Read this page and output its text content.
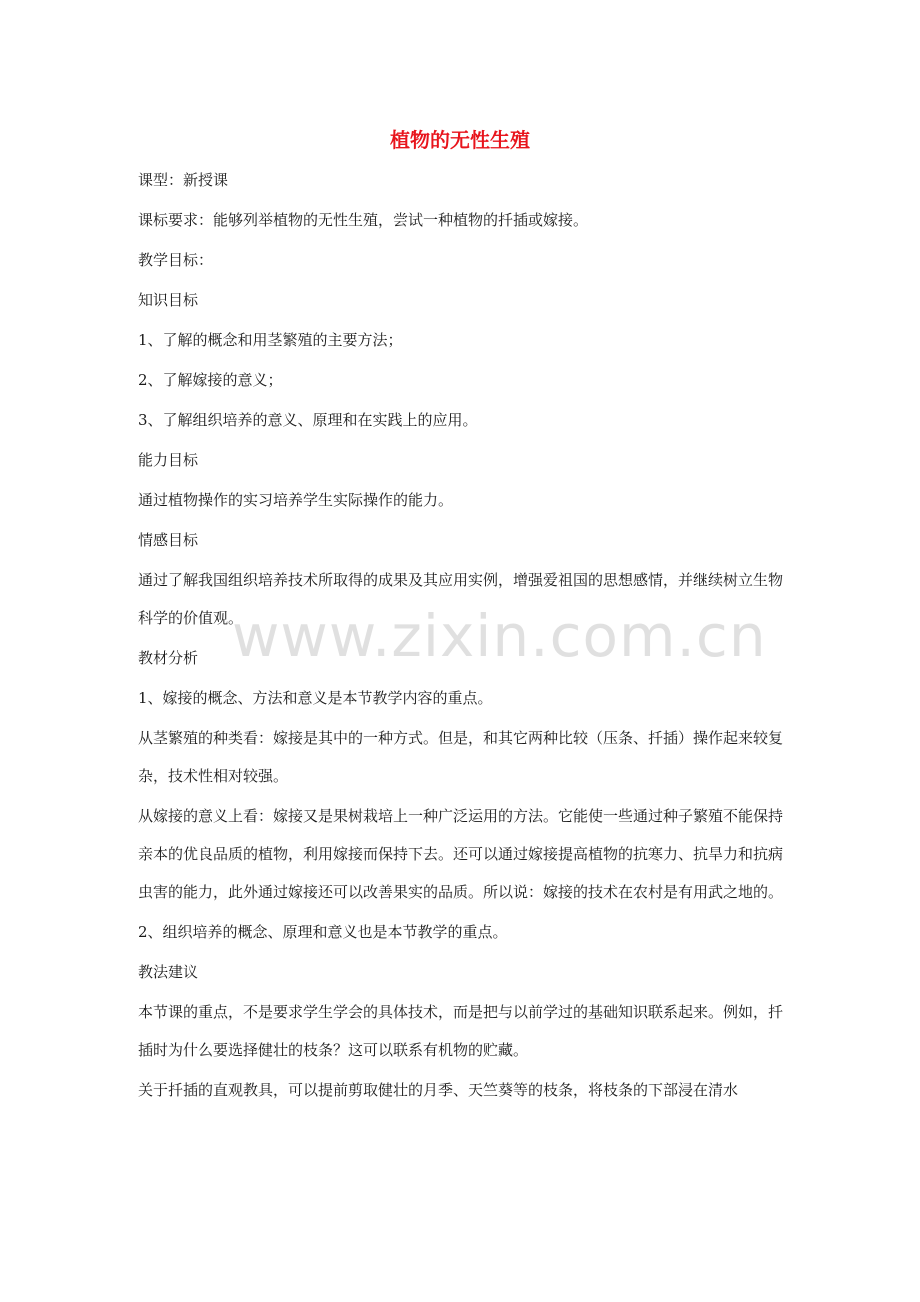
www.zixin.com.cn
植物的无性生殖

课型：新授课

课标要求：能够列举植物的无性生殖，尝试一种植物的扦插或嫁接。

教学目标：

知识目标

1、了解的概念和用茎繁殖的主要方法；

2、了解嫁接的意义；

3、了解组织培养的意义、原理和在实践上的应用。

能力目标

通过植物操作的实习培养学生实际操作的能力。

情感目标

通过了解我国组织培养技术所取得的成果及其应用实例，增强爱祖国的思想感情，并继续树立生物科学的价值观。

教材分析

1、嫁接的概念、方法和意义是本节教学内容的重点。

从茎繁殖的种类看：嫁接是其中的一种方式。但是，和其它两种比较（压条、扦插）操作起来较复杂，技术性相对较强。

从嫁接的意义上看：嫁接又是果树栽培上一种广泛运用的方法。它能使一些通过种子繁殖不能保持亲本的优良品质的植物，利用嫁接而保持下去。还可以通过嫁接提高植物的抗寒力、抗旱力和抗病虫害的能力，此外通过嫁接还可以改善果实的品质。所以说：嫁接的技术在农村是有用武之地的。

2、组织培养的概念、原理和意义也是本节教学的重点。

教法建议

本节课的重点，不是要求学生学会的具体技术，而是把与以前学过的基础知识联系起来。例如，扦插时为什么要选择健壮的枝条？这可以联系有机物的贮藏。

关于扦插的直观教具，可以提前剪取健壮的月季、天竺葵等的枝条，将枝条的下部浸在清水
